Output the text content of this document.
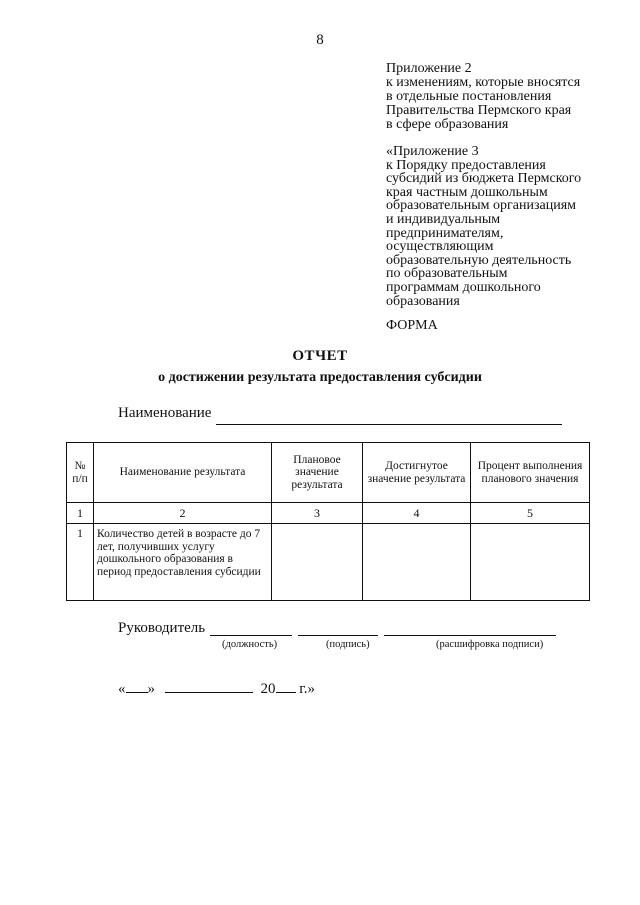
8
Приложение 2
к изменениям, которые вносятся
в отдельные постановления
Правительства Пермского края
в сфере образования
«Приложение 3
к Порядку предоставления
субсидий из бюджета Пермского
края частным дошкольным
образовательным организациям
и индивидуальным
предпринимателям,
осуществляющим
образовательную деятельность
по образовательным
программам дошкольного
образования
ФОРМА
ОТЧЕТ
о достижении результата предоставления субсидии
Наименование
№ п/п	Наименование результата	Плановое значение результата	Достигнутое значение результата	Процент выполнения планового значения
1	2	3	4	5
1	Количество детей в возрасте до 7 лет, получивших услугу дошкольного образования в период предоставления субсидии			
Руководитель
(должность)	(подпись)	(расшифровка подписи)
« »	20 г.»
